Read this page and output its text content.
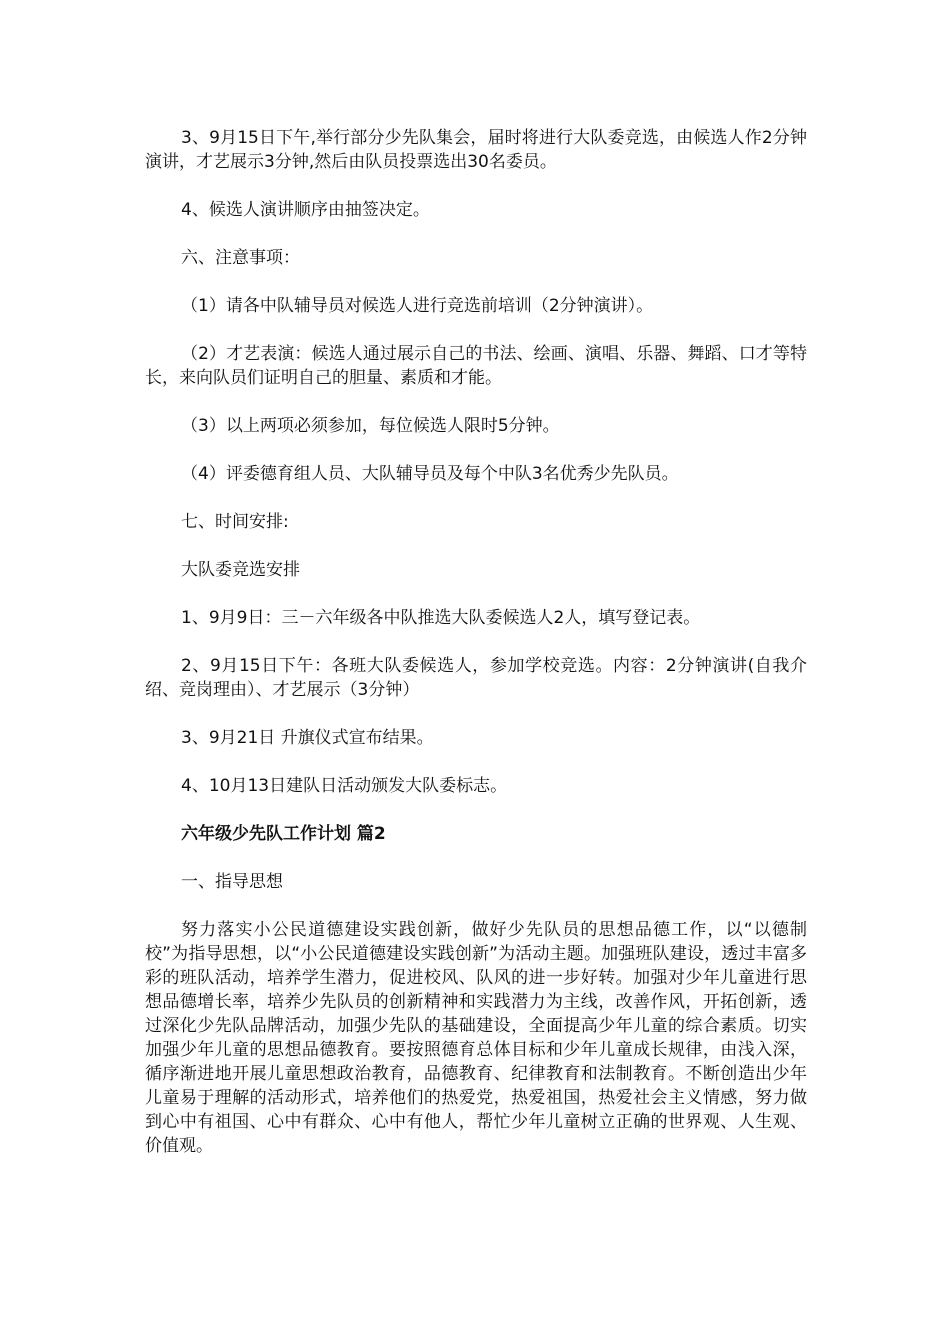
3、9月15日下午,举行部分少先队集会，届时将进行大队委竞选，由候选人作2分钟演讲，才艺展示3分钟,然后由队员投票选出30名委员。

4、候选人演讲顺序由抽签决定。

六、注意事项：

（1）请各中队辅导员对候选人进行竞选前培训（2分钟演讲）。

（2）才艺表演：候选人通过展示自己的书法、绘画、演唱、乐器、舞蹈、口才等特长，来向队员们证明自己的胆量、素质和才能。

（3）以上两项必须参加，每位候选人限时5分钟。

（4）评委德育组人员、大队辅导员及每个中队3名优秀少先队员。

七、时间安排:

大队委竞选安排

1、9月9日：三－六年级各中队推选大队委候选人2人，填写登记表。

2、9月15日下午：各班大队委候选人，参加学校竞选。内容：2分钟演讲(自我介绍、竞岗理由）、才艺展示（3分钟）

3、9月21日 升旗仪式宣布结果。

4、10月13日建队日活动颁发大队委标志。

六年级少先队工作计划 篇2

一、指导思想

努力落实小公民道德建设实践创新，做好少先队员的思想品德工作，以“以德制校”为指导思想，以“小公民道德建设实践创新”为活动主题。加强班队建设，透过丰富多彩的班队活动，培养学生潜力，促进校风、队风的进一步好转。加强对少年儿童进行思想品德增长率，培养少先队员的创新精神和实践潜力为主线，改善作风，开拓创新，透过深化少先队品牌活动，加强少先队的基础建设，全面提高少年儿童的综合素质。切实加强少年儿童的思想品德教育。要按照德育总体目标和少年儿童成长规律，由浅入深，循序渐进地开展儿童思想政治教育，品德教育、纪律教育和法制教育。不断创造出少年儿童易于理解的活动形式，培养他们的热爱党，热爱祖国，热爱社会主义情感，努力做到心中有祖国、心中有群众、心中有他人，帮忙少年儿童树立正确的世界观、人生观、价值观。
